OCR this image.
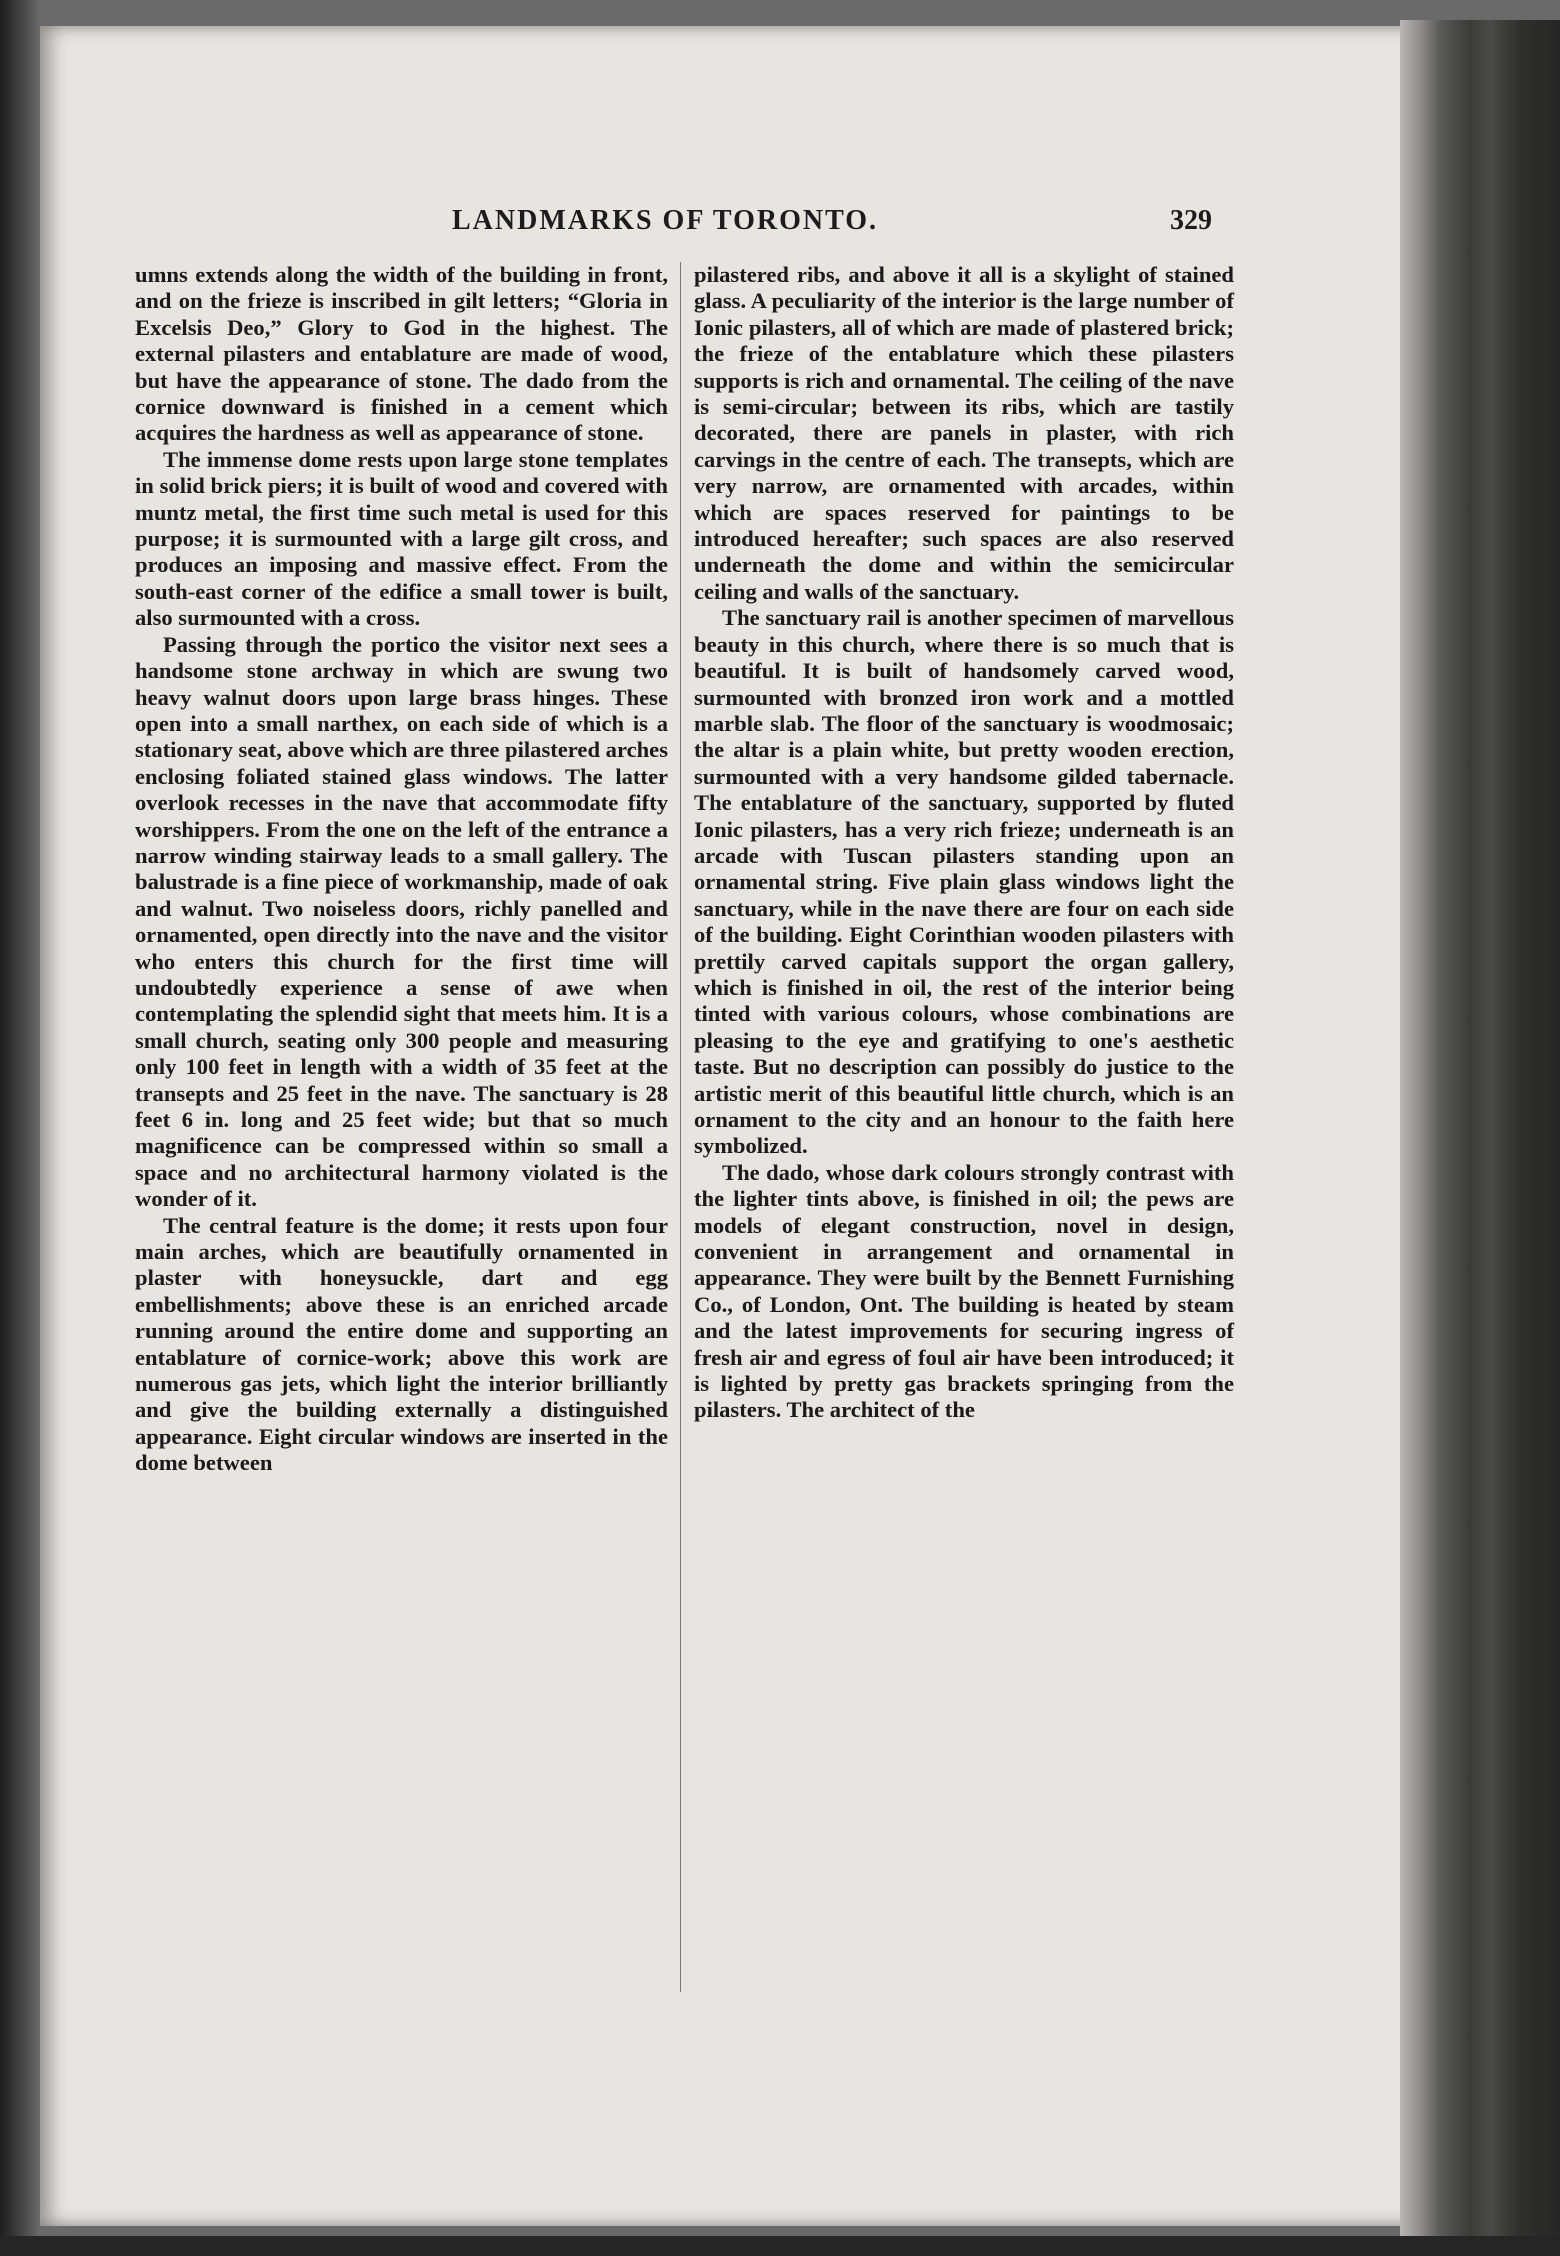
LANDMARKS OF TORONTO.	329

umns extends along the width of the building in front, and on the frieze is inscribed in gilt letters; “Gloria in Excelsis Deo,” Glory to God in the highest. The external pilasters and entablature are made of wood, but have the appearance of stone. The dado from the cornice downward is finished in a cement which acquires the hardness as well as appearance of stone.

The immense dome rests upon large stone templates in solid brick piers; it is built of wood and covered with muntz metal, the first time such metal is used for this purpose; it is surmounted with a large gilt cross, and produces an imposing and massive effect. From the south-east corner of the edifice a small tower is built, also surmounted with a cross.

Passing through the portico the visitor next sees a handsome stone archway in which are swung two heavy walnut doors upon large brass hinges. These open into a small narthex, on each side of which is a stationary seat, above which are three pilastered arches enclosing foliated stained glass windows. The latter overlook recesses in the nave that accommodate fifty worshippers. From the one on the left of the entrance a narrow winding stairway leads to a small gallery. The balustrade is a fine piece of workmanship, made of oak and walnut. Two noiseless doors, richly panelled and ornamented, open directly into the nave and the visitor who enters this church for the first time will undoubtedly experience a sense of awe when contemplating the splendid sight that meets him. It is a small church, seating only 300 people and measuring only 100 feet in length with a width of 35 feet at the transepts and 25 feet in the nave. The sanctuary is 28 feet 6 in. long and 25 feet wide; but that so much magnificence can be compressed within so small a space and no architectural harmony violated is the wonder of it.

The central feature is the dome; it rests upon four main arches, which are beautifully ornamented in plaster with honeysuckle, dart and egg embellishments; above these is an enriched arcade running around the entire dome and supporting an entablature of cornice-work; above this work are numerous gas jets, which light the interior brilliantly and give the building externally a distinguished appearance. Eight circular windows are inserted in the dome between

pilastered ribs, and above it all is a skylight of stained glass. A peculiarity of the interior is the large number of Ionic pilasters, all of which are made of plastered brick; the frieze of the entablature which these pilasters supports is rich and ornamental. The ceiling of the nave is semi-circular; between its ribs, which are tastily decorated, there are panels in plaster, with rich carvings in the centre of each. The transepts, which are very narrow, are ornamented with arcades, within which are spaces reserved for paintings to be introduced hereafter; such spaces are also reserved underneath the dome and within the semicircular ceiling and walls of the sanctuary.

The sanctuary rail is another specimen of marvellous beauty in this church, where there is so much that is beautiful. It is built of handsomely carved wood, surmounted with bronzed iron work and a mottled marble slab. The floor of the sanctuary is woodmosaic; the altar is a plain white, but pretty wooden erection, surmounted with a very handsome gilded tabernacle. The entablature of the sanctuary, supported by fluted Ionic pilasters, has a very rich frieze; underneath is an arcade with Tuscan pilasters standing upon an ornamental string. Five plain glass windows light the sanctuary, while in the nave there are four on each side of the building. Eight Corinthian wooden pilasters with prettily carved capitals support the organ gallery, which is finished in oil, the rest of the interior being tinted with various colours, whose combinations are pleasing to the eye and gratifying to one's aesthetic taste. But no description can possibly do justice to the artistic merit of this beautiful little church, which is an ornament to the city and an honour to the faith here symbolized.

The dado, whose dark colours strongly contrast with the lighter tints above, is finished in oil; the pews are models of elegant construction, novel in design, convenient in arrangement and ornamental in appearance. They were built by the Bennett Furnishing Co., of London, Ont. The building is heated by steam and the latest improvements for securing ingress of fresh air and egress of foul air have been introduced; it is lighted by pretty gas brackets springing from the pilasters. The architect of the
